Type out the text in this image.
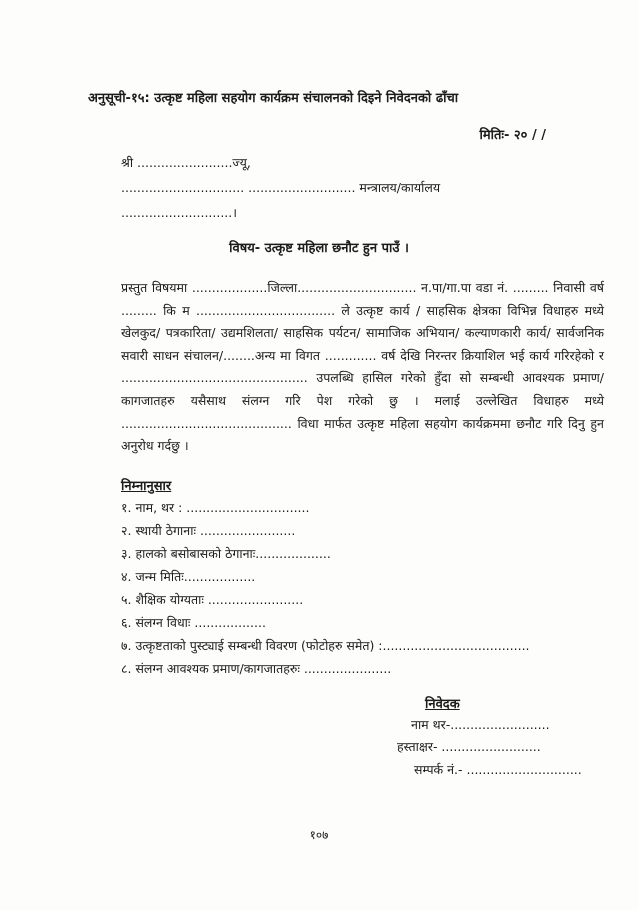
अनुसूची-१५: उत्कृष्ट महिला सहयोग कार्यक्रम संचालनको दिइने निवेदनको ढाँचा
मितिः- २० / /
श्री ........................ज्यू,
............................... ........................... मन्त्रालय/कार्यालय
............................।
विषय- उत्कृष्ट महिला छनौट हुन पाउँ ।
प्रस्तुत विषयमा ...................जिल्ला.............................. न.पा/गा.पा वडा नं. ......... निवासी वर्ष ......... कि म ................................... ले उत्कृष्ट कार्य / साहसिक क्षेत्रका विभिन्न विधाहरु मध्ये खेलकुद/ पत्रकारिता/ उद्यमशिलता/ साहसिक पर्यटन/ सामाजिक अभियान/ कल्याणकारी कार्य/ सार्वजनिक सवारी साधन संचालन/........अन्य मा विगत ............. वर्ष देखि निरन्तर क्रियाशिल भई कार्य गरिरहेको र ............................................... उपलब्धि हासिल गरेको हुँदा सो सम्बन्धी आवश्यक प्रमाण/ कागजातहरु यसैसाथ संलग्न गरि पेश गरेको छु । मलाई उल्लेखित विधाहरु मध्ये ........................................... विधा मार्फत उत्कृष्ट महिला सहयोग कार्यक्रममा छनौट गरि दिनु हुन अनुरोध गर्दछु ।
निम्नानुसार
१. नाम, थर : ...............................
२. स्थायी ठेगानाः ........................
३. हालको बसोबासको ठेगानाः...................
४. जन्म मितिः..................
५. शैक्षिक योग्यताः ........................
६. संलग्न विधाः ..................
७. उत्कृष्टताको पुस्ट्याई सम्बन्धी विवरण (फोटोहरु समेत) :.....................................
८. संलग्न आवश्यक प्रमाण/कागजातहरुः ......................
निवेदक
नाम थर-.........................
हस्ताक्षर- .........................
सम्पर्क नं.- .............................
१०७
